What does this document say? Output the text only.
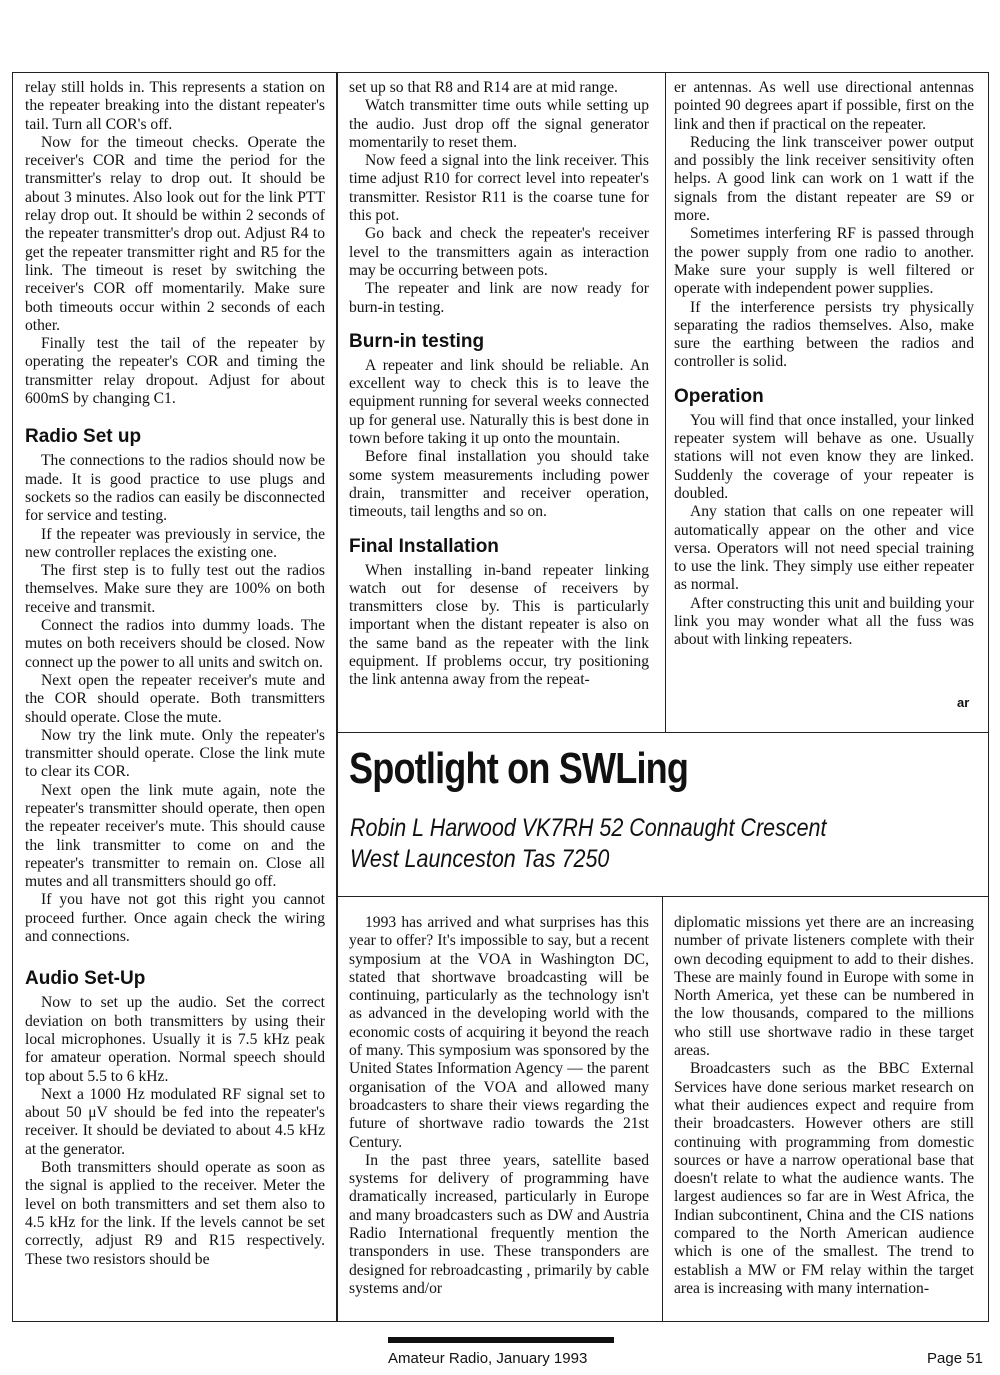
relay still holds in. This represents a station on the repeater breaking into the distant repeater's tail. Turn all COR's off.

Now for the timeout checks. Operate the receiver's COR and time the period for the transmitter's relay to drop out. It should be about 3 minutes. Also look out for the link PTT relay drop out. It should be within 2 seconds of the repeater transmitter's drop out. Adjust R4 to get the repeater transmitter right and R5 for the link. The timeout is reset by switching the receiver's COR off momentarily. Make sure both timeouts occur within 2 seconds of each other.

Finally test the tail of the repeater by operating the repeater's COR and timing the transmitter relay dropout. Adjust for about 600mS by changing C1.

Radio Set up

The connections to the radios should now be made. It is good practice to use plugs and sockets so the radios can easily be disconnected for service and testing.

If the repeater was previously in service, the new controller replaces the existing one.

The first step is to fully test out the radios themselves. Make sure they are 100% on both receive and transmit.

Connect the radios into dummy loads. The mutes on both receivers should be closed. Now connect up the power to all units and switch on.

Next open the repeater receiver's mute and the COR should operate. Both transmitters should operate. Close the mute.

Now try the link mute. Only the repeater's transmitter should operate. Close the link mute to clear its COR.

Next open the link mute again, note the repeater's transmitter should operate, then open the repeater receiver's mute. This should cause the link transmitter to come on and the repeater's transmitter to remain on. Close all mutes and all transmitters should go off.

If you have not got this right you cannot proceed further. Once again check the wiring and connections.

Audio Set-Up

Now to set up the audio. Set the correct deviation on both transmitters by using their local microphones. Usually it is 7.5 kHz peak for amateur operation. Normal speech should top about 5.5 to 6 kHz.

Next a 1000 Hz modulated RF signal set to about 50 μV should be fed into the repeater's receiver. It should be deviated to about 4.5 kHz at the generator.

Both transmitters should operate as soon as the signal is applied to the receiver. Meter the level on both transmitters and set them also to 4.5 kHz for the link. If the levels cannot be set correctly, adjust R9 and R15 respectively. These two resistors should be

set up so that R8 and R14 are at mid range.

Watch transmitter time outs while setting up the audio. Just drop off the signal generator momentarily to reset them.

Now feed a signal into the link receiver. This time adjust R10 for correct level into repeater's transmitter. Resistor R11 is the coarse tune for this pot.

Go back and check the repeater's receiver level to the transmitters again as interaction may be occurring between pots.

The repeater and link are now ready for burn-in testing.

Burn-in testing

A repeater and link should be reliable. An excellent way to check this is to leave the equipment running for several weeks connected up for general use. Naturally this is best done in town before taking it up onto the mountain.

Before final installation you should take some system measurements including power drain, transmitter and receiver operation, timeouts, tail lengths and so on.

Final Installation

When installing in-band repeater linking watch out for desense of receivers by transmitters close by. This is particularly important when the distant repeater is also on the same band as the repeater with the link equipment. If problems occur, try positioning the link antenna away from the repeat-

er antennas. As well use directional antennas pointed 90 degrees apart if possible, first on the link and then if practical on the repeater.

Reducing the link transceiver power output and possibly the link receiver sensitivity often helps. A good link can work on 1 watt if the signals from the distant repeater are S9 or more.

Sometimes interfering RF is passed through the power supply from one radio to another. Make sure your supply is well filtered or operate with independent power supplies.

If the interference persists try physically separating the radios themselves. Also, make sure the earthing between the radios and controller is solid.

Operation

You will find that once installed, your linked repeater system will behave as one. Usually stations will not even know they are linked. Suddenly the coverage of your repeater is doubled.

Any station that calls on one repeater will automatically appear on the other and vice versa. Operators will not need special training to use the link. They simply use either repeater as normal.

After constructing this unit and building your link you may wonder what all the fuss was about with linking repeaters.

ar
Spotlight on SWLing
Robin L Harwood VK7RH 52 Connaught Crescent
West Launceston Tas 7250

1993 has arrived and what surprises has this year to offer? It's impossible to say, but a recent symposium at the VOA in Washington DC, stated that shortwave broadcasting will be continuing, particularly as the technology isn't as advanced in the developing world with the economic costs of acquiring it beyond the reach of many. This symposium was sponsored by the United States Information Agency — the parent organisation of the VOA and allowed many broadcasters to share their views regarding the future of shortwave radio towards the 21st Century.

In the past three years, satellite based systems for delivery of programming have dramatically increased, particularly in Europe and many broadcasters such as DW and Austria Radio International frequently mention the transponders in use. These transponders are designed for rebroadcasting , primarily by cable systems and/or

diplomatic missions yet there are an increasing number of private listeners complete with their own decoding equipment to add to their dishes. These are mainly found in Europe with some in North America, yet these can be numbered in the low thousands, compared to the millions who still use shortwave radio in these target areas.

Broadcasters such as the BBC External Services have done serious market research on what their audiences expect and require from their broadcasters. However others are still continuing with programming from domestic sources or have a narrow operational base that doesn't relate to what the audience wants. The largest audiences so far are in West Africa, the Indian subcontinent, China and the CIS nations compared to the North American audience which is one of the smallest. The trend to establish a MW or FM relay within the target area is increasing with many internation-

Amateur Radio, January 1993	Page 51
